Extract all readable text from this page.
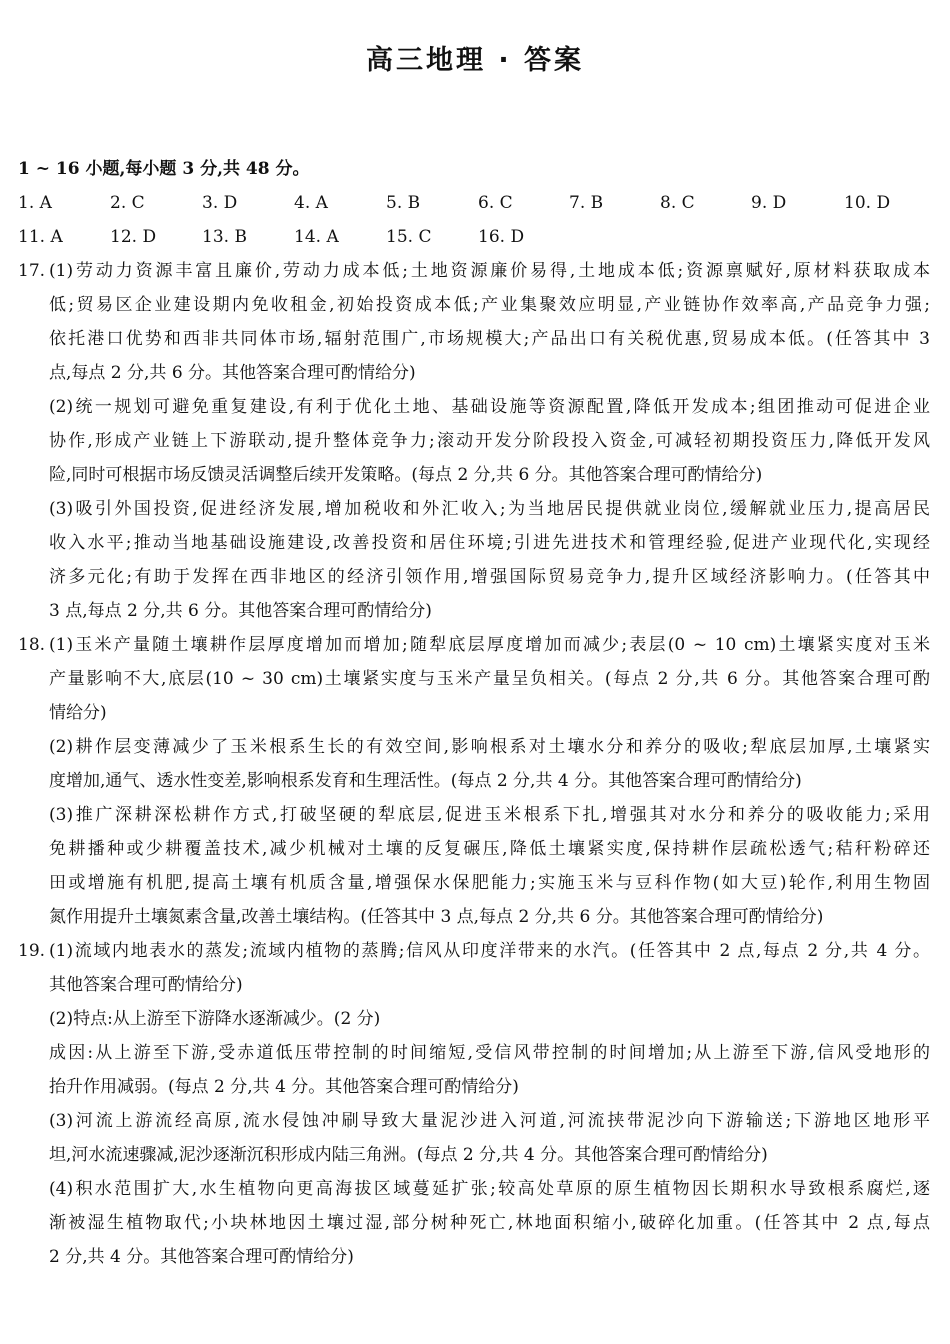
高三地理 · 答案
1 ~ 16 小题,每小题 3 分,共 48 分。
1. A	2. C	3. D	4. A	5. B	6. C	7. B	8. C	9. D	10. D
11. A	12. D	13. B	14. A	15. C	16. D
17. (1)劳动力资源丰富且廉价,劳动力成本低;土地资源廉价易得,土地成本低;资源禀赋好,原材料获取成本
低;贸易区企业建设期内免收租金,初始投资成本低;产业集聚效应明显,产业链协作效率高,产品竞争力强;
依托港口优势和西非共同体市场,辐射范围广,市场规模大;产品出口有关税优惠,贸易成本低。(任答其中 3
点,每点 2 分,共 6 分。其他答案合理可酌情给分)
(2)统一规划可避免重复建设,有利于优化土地、基础设施等资源配置,降低开发成本;组团推动可促进企业
协作,形成产业链上下游联动,提升整体竞争力;滚动开发分阶段投入资金,可减轻初期投资压力,降低开发风
险,同时可根据市场反馈灵活调整后续开发策略。(每点 2 分,共 6 分。其他答案合理可酌情给分)
(3)吸引外国投资,促进经济发展,增加税收和外汇收入;为当地居民提供就业岗位,缓解就业压力,提高居民
收入水平;推动当地基础设施建设,改善投资和居住环境;引进先进技术和管理经验,促进产业现代化,实现经
济多元化;有助于发挥在西非地区的经济引领作用,增强国际贸易竞争力,提升区域经济影响力。(任答其中
3 点,每点 2 分,共 6 分。其他答案合理可酌情给分)
18. (1)玉米产量随土壤耕作层厚度增加而增加;随犁底层厚度增加而减少;表层(0 ~ 10 cm)土壤紧实度对玉米
产量影响不大,底层(10 ~ 30 cm)土壤紧实度与玉米产量呈负相关。(每点 2 分,共 6 分。其他答案合理可酌
情给分)
(2)耕作层变薄减少了玉米根系生长的有效空间,影响根系对土壤水分和养分的吸收;犁底层加厚,土壤紧实
度增加,通气、透水性变差,影响根系发育和生理活性。(每点 2 分,共 4 分。其他答案合理可酌情给分)
(3)推广深耕深松耕作方式,打破坚硬的犁底层,促进玉米根系下扎,增强其对水分和养分的吸收能力;采用
免耕播种或少耕覆盖技术,减少机械对土壤的反复碾压,降低土壤紧实度,保持耕作层疏松透气;秸秆粉碎还
田或增施有机肥,提高土壤有机质含量,增强保水保肥能力;实施玉米与豆科作物(如大豆)轮作,利用生物固
氮作用提升土壤氮素含量,改善土壤结构。(任答其中 3 点,每点 2 分,共 6 分。其他答案合理可酌情给分)
19. (1)流域内地表水的蒸发;流域内植物的蒸腾;信风从印度洋带来的水汽。(任答其中 2 点,每点 2 分,共 4 分。
其他答案合理可酌情给分)
(2)特点:从上游至下游降水逐渐减少。(2 分)
成因:从上游至下游,受赤道低压带控制的时间缩短,受信风带控制的时间增加;从上游至下游,信风受地形的
抬升作用减弱。(每点 2 分,共 4 分。其他答案合理可酌情给分)
(3)河流上游流经高原,流水侵蚀冲刷导致大量泥沙进入河道,河流挟带泥沙向下游输送;下游地区地形平
坦,河水流速骤减,泥沙逐渐沉积形成内陆三角洲。(每点 2 分,共 4 分。其他答案合理可酌情给分)
(4)积水范围扩大,水生植物向更高海拔区域蔓延扩张;较高处草原的原生植物因长期积水导致根系腐烂,逐
渐被湿生植物取代;小块林地因土壤过湿,部分树种死亡,林地面积缩小,破碎化加重。(任答其中 2 点,每点
2 分,共 4 分。其他答案合理可酌情给分)
